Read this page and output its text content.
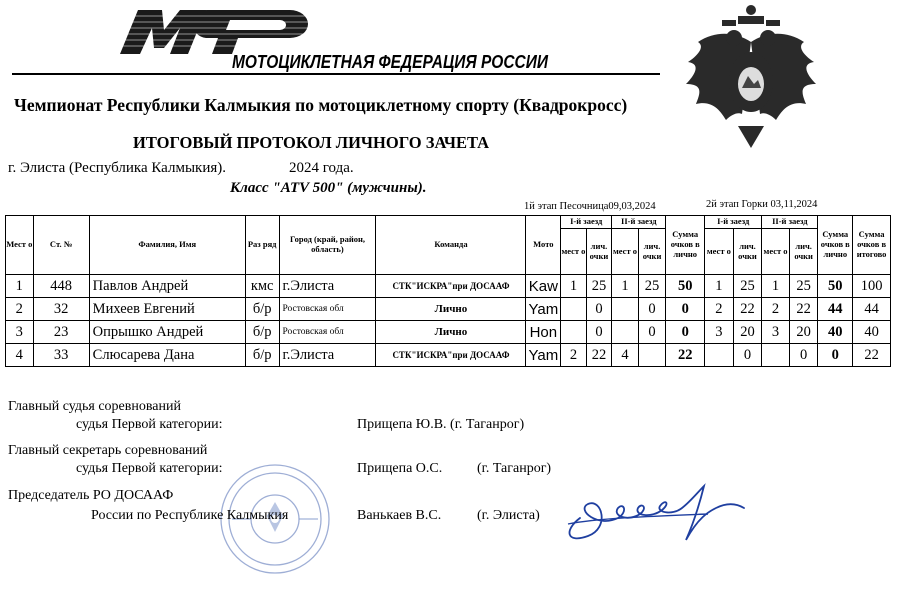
МОТОЦИКЛЕТНАЯ ФЕДЕРАЦИЯ РОССИИ
Чемпионат Республики Калмыкия по мотоциклетному спорту (Квадрокросс)
ИТОГОВЫЙ ПРОТОКОЛ ЛИЧНОГО ЗАЧЕТА
г. Элиста (Республика Калмыкия).	2024 года.
Класс "ATV 500" (мужчины).
1й этап Песочница09,03,2024	2й этап Горки 03,11,2024
Мест о	Ст. №	Фамилия, Имя	Раз ряд	Город (край, район, область)	Команда	Мото	I-й заезд		II-й заезд		Сумма очков в лично	I-й заезд		II-й заезд		Сумма очков в лично	Сумма очков в итогово
							мест о	лич. очки	мест о	лич. очки		мест о	лич. очки	мест о	лич. очки		
1	448	Павлов Андрей	кмс	г.Элиста	СТК"ИСКРА"при ДОСААФ	Kaw	1	25	1	25	50	1	25	1	25	50	100
2	32	Михеев Евгений	б/р	Ростовская обл	Лично	Yam		0		0	0	2	22	2	22	44	44
3	23	Опрышко Андрей	б/р	Ростовская обл	Лично	Hon		0		0	0	3	20	3	20	40	40
4	33	Слюсарева Дана	б/р	г.Элиста	СТК"ИСКРА"при ДОСААФ	Yam	2	22	4		22		0		0	0	22
Главный судья соревнований
судья Первой категории:	Прищепа Ю.В. (г. Таганрог)
Главный секретарь соревнований
судья Первой категории:	Прищепа О.С. (г. Таганрог)
Председатель РО ДОСААФ
России по Республике Калмыкия	Ванькаев В.С.	(г. Элиста)
